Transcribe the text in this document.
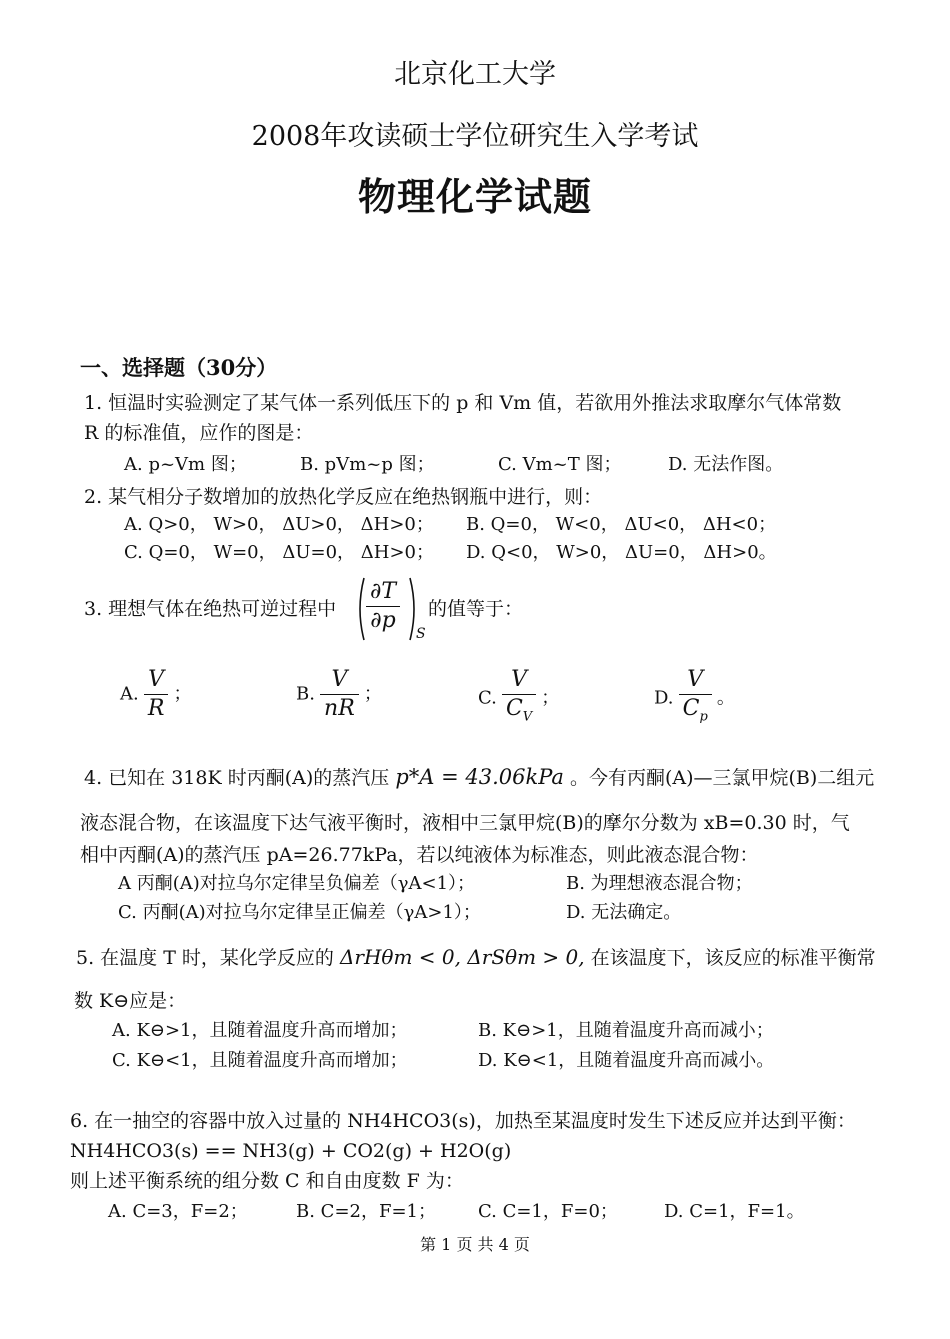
北京化工大学
2008年攻读硕士学位研究生入学考试
物理化学试题
一、选择题（30分）
1. 恒温时实验测定了某气体一系列低压下的 p 和 Vm 值，若欲用外推法求取摩尔气体常数
R 的标准值，应作的图是：
A. p~Vm 图；	B. pVm~p 图；	C. Vm~T 图；	D. 无法作图。
2. 某气相分子数增加的放热化学反应在绝热钢瓶中进行，则：
A. Q>0， W>0， ΔU>0， ΔH>0； B. Q=0， W<0， ΔU<0， ΔH<0；
C. Q=0， W=0， ΔU=0， ΔH>0； D. Q<0， W>0， ΔU=0， ΔH>0。
3. 理想气体在绝热可逆过程中 $\frac{\partial T}{\partial p}$ S
的值等于：
A. $\frac{V}{R}$ ；	B. $\frac{V}{nR}$ ；	C. $\frac{V}{C_V}$ ；	D. $\frac{V}{C_p}$ 。
4. 已知在 318K 时丙酮(A)的蒸汽压 p*A = 43.06kPa 。今有丙酮(A)—三氯甲烷(B)二组元
液态混合物，在该温度下达气液平衡时，液相中三氯甲烷(B)的摩尔分数为 xB=0.30 时，气
相中丙酮(A)的蒸汽压 pA=26.77kPa，若以纯液体为标准态，则此液态混合物：
A 丙酮(A)对拉乌尔定律呈负偏差（γA<1）；	B. 为理想液态混合物；
C. 丙酮(A)对拉乌尔定律呈正偏差（γA>1）；	D. 无法确定。
5. 在温度 T 时，某化学反应的 ΔrHθm < 0, ΔrSθm > 0, 在该温度下，该反应的标准平衡常
数 K⊖应是：
A. K⊖>1，且随着温度升高而增加；	B. K⊖>1，且随着温度升高而减小；
C. K⊖<1，且随着温度升高而增加；	D. K⊖<1，且随着温度升高而减小。
6. 在一抽空的容器中放入过量的 NH4HCO3(s)，加热至某温度时发生下述反应并达到平衡：
NH4HCO3(s) == NH3(g) + CO2(g) + H2O(g)
则上述平衡系统的组分数 C 和自由度数 F 为：
A. C=3，F=2；	B. C=2，F=1； C. C=1，F=0；	D. C=1，F=1。
第 1 页 共 4 页
